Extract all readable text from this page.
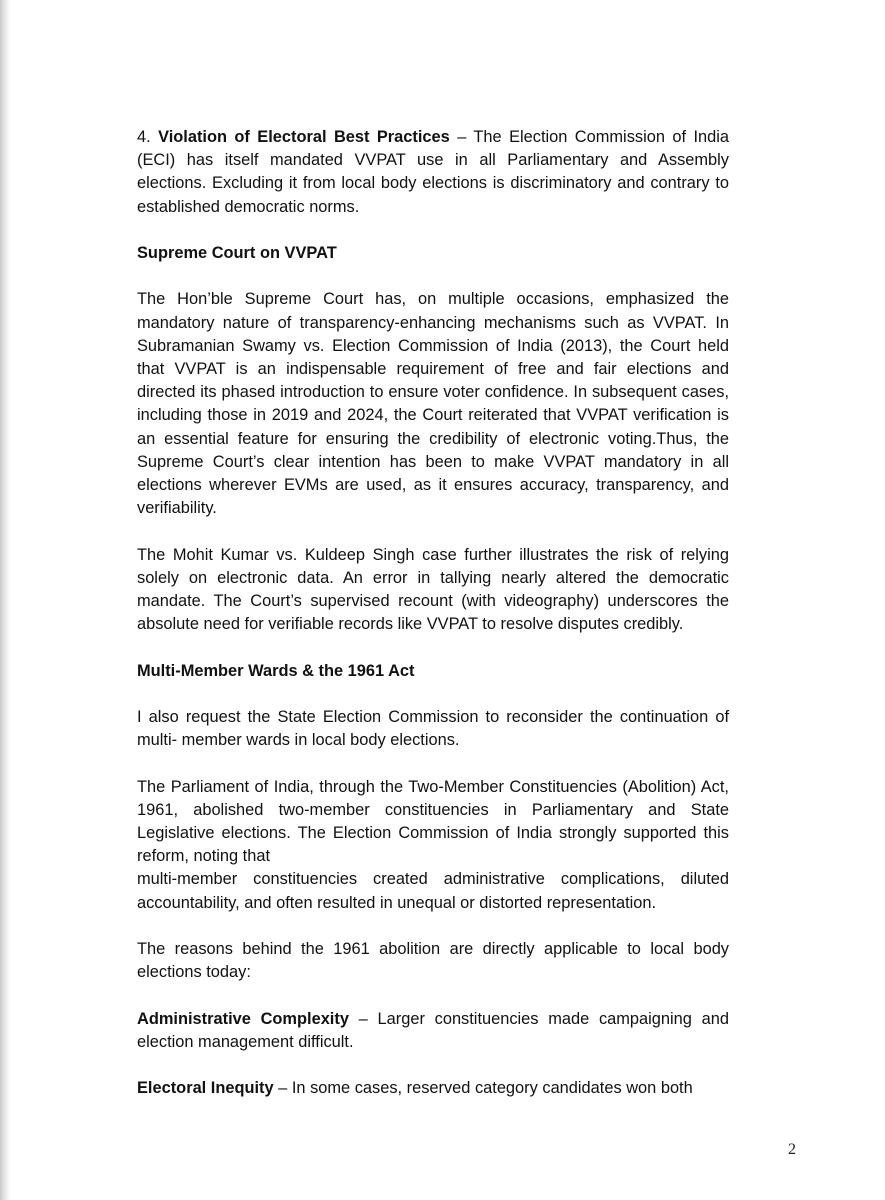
4. Violation of Electoral Best Practices – The Election Commission of India (ECI) has itself mandated VVPAT use in all Parliamentary and Assembly elections. Excluding it from local body elections is discriminatory and contrary to established democratic norms.

Supreme Court on VVPAT

The Hon’ble Supreme Court has, on multiple occasions, emphasized the mandatory nature of transparency-enhancing mechanisms such as VVPAT. In Subramanian Swamy vs. Election Commission of India (2013), the Court held that VVPAT is an indispensable requirement of free and fair elections and directed its phased introduction to ensure voter confidence. In subsequent cases, including those in 2019 and 2024, the Court reiterated that VVPAT verification is an essential feature for ensuring the credibility of electronic voting.Thus, the Supreme Court’s clear intention has been to make VVPAT mandatory in all elections wherever EVMs are used, as it ensures accuracy, transparency, and verifiability.

The Mohit Kumar vs. Kuldeep Singh case further illustrates the risk of relying solely on electronic data. An error in tallying nearly altered the democratic mandate. The Court’s supervised recount (with videography) underscores the absolute need for verifiable records like VVPAT to resolve disputes credibly.

Multi-Member Wards & the 1961 Act

I also request the State Election Commission to reconsider the continuation of multi- member wards in local body elections.

The Parliament of India, through the Two-Member Constituencies (Abolition) Act, 1961, abolished two-member constituencies in Parliamentary and State Legislative elections. The Election Commission of India strongly supported this reform, noting that

multi-member constituencies created administrative complications, diluted accountability, and often resulted in unequal or distorted representation.

The reasons behind the 1961 abolition are directly applicable to local body elections today:

Administrative Complexity – Larger constituencies made campaigning and election management difficult.

Electoral Inequity – In some cases, reserved category candidates won both

2
